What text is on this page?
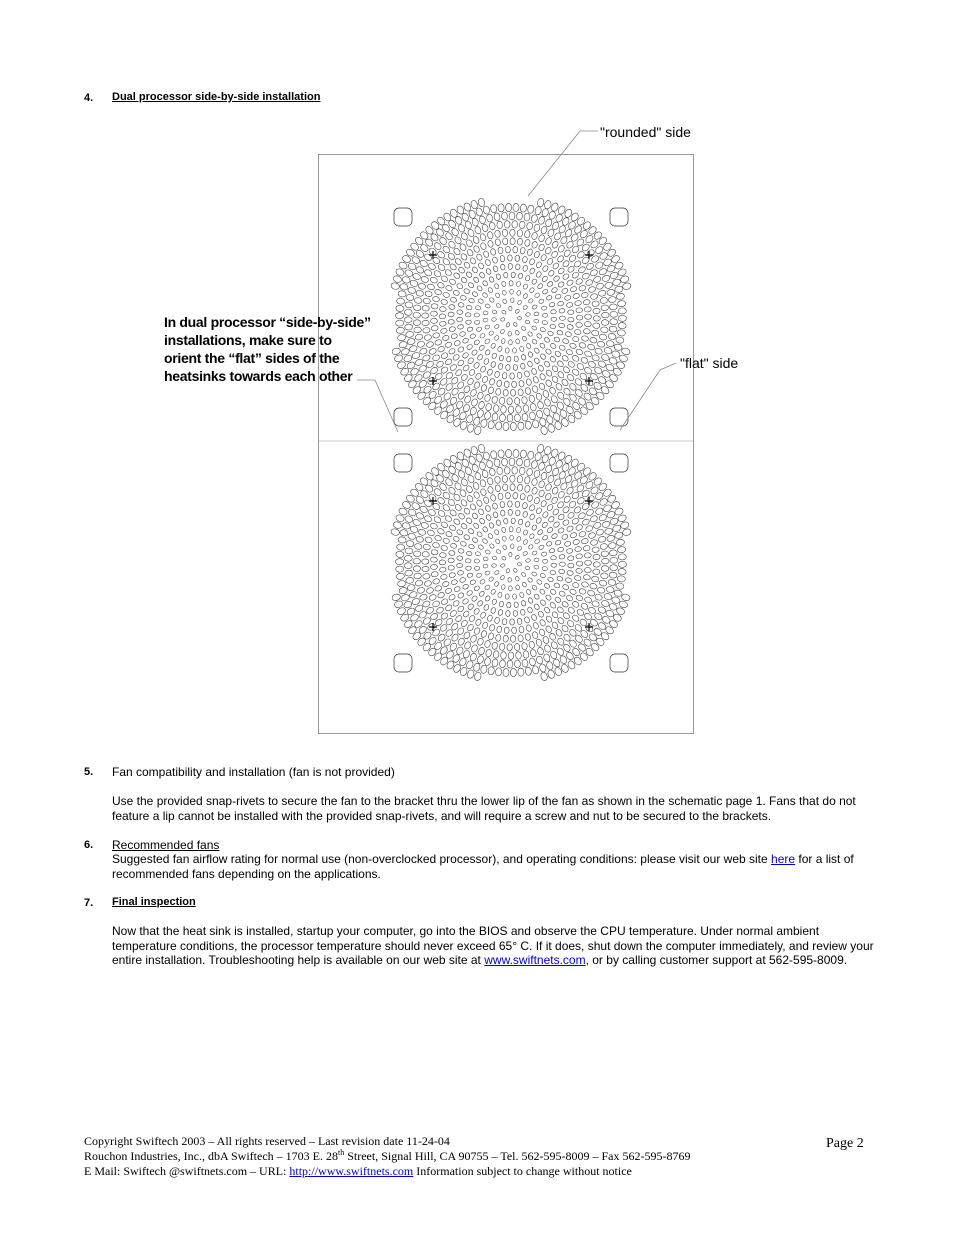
4. Dual processor side-by-side installation
"rounded" side
"flat" side
In dual processor “side-by-side”
installations, make sure to
orient the “flat” sides of the
heatsinks towards each other
5. Fan compatibility and installation (fan is not provided)
Use the provided snap-rivets to secure the fan to the bracket thru the lower lip of the fan as shown in the schematic page 1. Fans that do not feature a lip cannot be installed with the provided snap-rivets, and will require a screw and nut to be secured to the brackets.
6. Recommended fans
Suggested fan airflow rating for normal use (non-overclocked processor), and operating conditions: please visit our web site here for a list of recommended fans depending on the applications.
7. Final inspection
Now that the heat sink is installed, startup your computer, go into the BIOS and observe the CPU temperature. Under normal ambient temperature conditions, the processor temperature should never exceed 65° C. If it does, shut down the computer immediately, and review your entire installation. Troubleshooting help is available on our web site at www.swiftnets.com, or by calling customer support at 562-595-8009.
Copyright Swiftech 2003 – All rights reserved – Last revision date 11-24-04
Rouchon Industries, Inc., dbA Swiftech – 1703 E. 28th Street, Signal Hill, CA 90755 – Tel. 562-595-8009 – Fax 562-595-8769
E Mail: Swiftech @swiftnets.com – URL: http://www.swiftnets.com Information subject to change without notice
Page 2
